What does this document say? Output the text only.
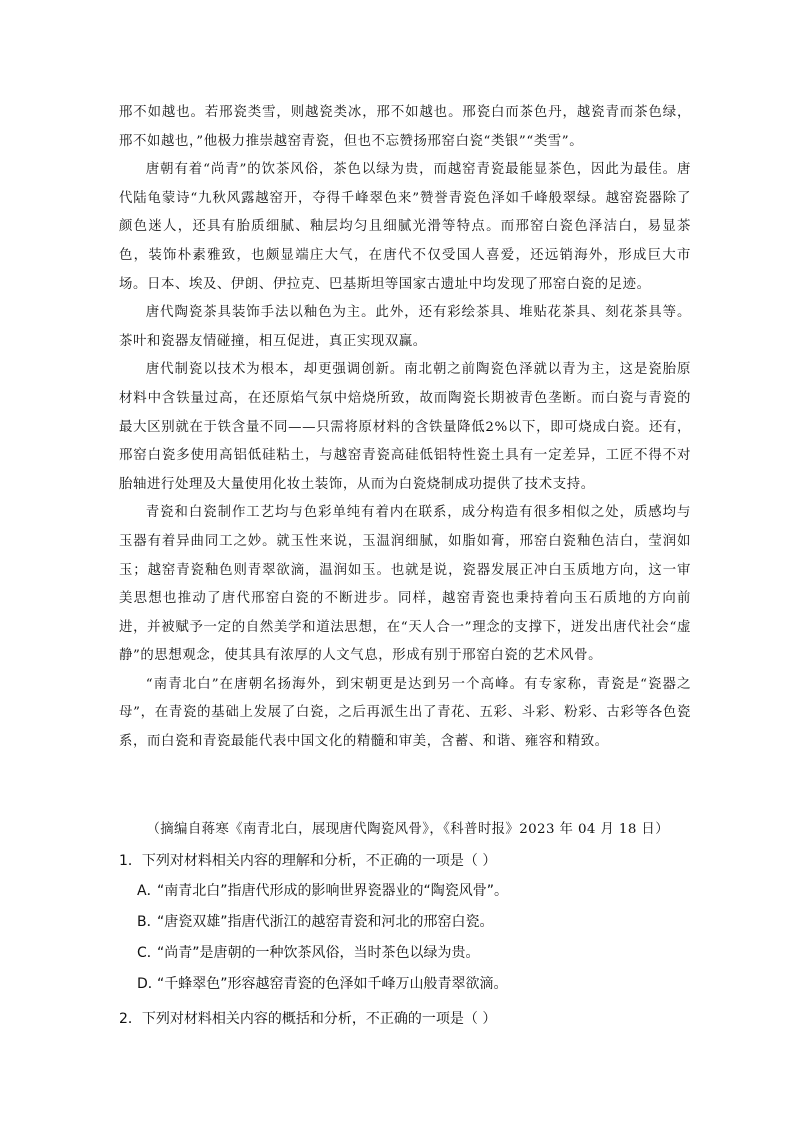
邢不如越也。若邢瓷类雪，则越瓷类冰，邢不如越也。邢瓷白而茶色丹，越瓷青而茶色绿，邢不如越也，”他极力推崇越窑青瓷，但也不忘赞扬邢窑白瓷“类银”“类雪”。

唐朝有着“尚青”的饮茶风俗，茶色以绿为贵，而越窑青瓷最能显茶色，因此为最佳。唐代陆龟蒙诗“九秋风露越窑开，夺得千峰翠色来”赞誉青瓷色泽如千峰般翠绿。越窑瓷器除了颜色迷人，还具有胎质细腻、釉层均匀且细腻光滑等特点。而邢窑白瓷色泽洁白，易显茶色，装饰朴素雅致，也颇显端庄大气，在唐代不仅受国人喜爱，还远销海外，形成巨大市场。日本、埃及、伊朗、伊拉克、巴基斯坦等国家古遗址中均发现了邢窑白瓷的足迹。

唐代陶瓷茶具装饰手法以釉色为主。此外，还有彩绘茶具、堆贴花茶具、刻花茶具等。茶叶和瓷器友情碰撞，相互促进，真正实现双赢。

唐代制瓷以技术为根本，却更强调创新。南北朝之前陶瓷色泽就以青为主，这是瓷胎原材料中含铁量过高，在还原焰气氛中焙烧所致，故而陶瓷长期被青色垄断。而白瓷与青瓷的最大区别就在于铁含量不同——只需将原材料的含铁量降低2%以下，即可烧成白瓷。还有，邢窑白瓷多使用高铝低硅粘土，与越窑青瓷高硅低铝特性瓷土具有一定差异，工匠不得不对胎轴进行处理及大量使用化妆土装饰，从而为白瓷烧制成功提供了技术支持。

青瓷和白瓷制作工艺均与色彩单纯有着内在联系，成分构造有很多相似之处，质感均与玉器有着异曲同工之妙。就玉性来说，玉温润细腻，如脂如膏，邢窑白瓷釉色洁白，莹润如玉；越窑青瓷釉色则青翠欲滴，温润如玉。也就是说，瓷器发展正冲白玉质地方向，这一审美思想也推动了唐代邢窑白瓷的不断进步。同样，越窑青瓷也秉持着向玉石质地的方向前进，并被赋予一定的自然美学和道法思想，在“天人合一”理念的支撑下，迸发出唐代社会“虚静”的思想观念，使其具有浓厚的人文气息，形成有别于邢窑白瓷的艺术风骨。

“南青北白”在唐朝名扬海外，到宋朝更是达到另一个高峰。有专家称，青瓷是“瓷器之母”，在青瓷的基础上发展了白瓷，之后再派生出了青花、五彩、斗彩、粉彩、古彩等各色瓷系，而白瓷和青瓷最能代表中国文化的精髓和审美，含蓄、和谐、雍容和精致。

（摘编自蒋寒《南青北白，展现唐代陶瓷风骨》，《科普时报》2023 年 04 月 18 日）
1．下列对材料相关内容的理解和分析，不正确的一项是（ ）
A．“南青北白”指唐代形成的影响世界瓷器业的“陶瓷风骨”。
B．“唐瓷双雄”指唐代浙江的越窑青瓷和河北的邢窑白瓷。
C．“尚青”是唐朝的一种饮茶风俗，当时茶色以绿为贵。
D．“千蜂翠色”形容越窑青瓷的色泽如千峰万山般青翠欲滴。
2．下列对材料相关内容的概括和分析，不正确的一项是（ ）
